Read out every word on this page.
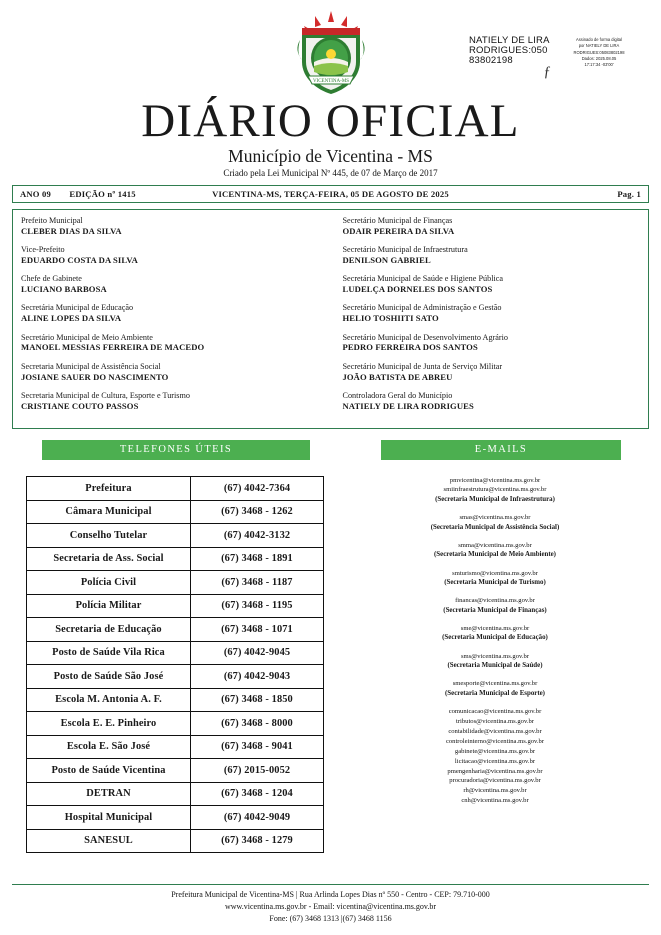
VICENTINA-MS
NATIELY DE LIRA
RODRIGUES:050
83802198
Assinado de forma digital
por NATIELY DE LIRA
RODRIGUES:05083802198
Dados: 2025.08.05
17:17:34 -03'00'
ƒ
DIÁRIO OFICIAL
Município de Vicentina - MS
Criado pela Lei Municipal Nº 445, de 07 de Março de 2017
ANO 09 EDIÇÃO nº 1415	VICENTINA-MS, TERÇA-FEIRA, 05 DE AGOSTO DE 2025	Pag. 1
Prefeito Municipal
CLEBER DIAS DA SILVA
Vice-Prefeito
EDUARDO COSTA DA SILVA
Chefe de Gabinete
LUCIANO BARBOSA
Secretária Municipal de Educação
ALINE LOPES DA SILVA
Secretário Municipal de Meio Ambiente
MANOEL MESSIAS FERREIRA DE MACEDO
Secretaria Municipal de Assistência Social
JOSIANE SAUER DO NASCIMENTO
Secretaria Municipal de Cultura, Esporte e Turismo
CRISTIANE COUTO PASSOS
Secretário Municipal de Finanças
ODAIR PEREIRA DA SILVA
Secretário Municipal de Infraestrutura
DENILSON GABRIEL
Secretária Municipal de Saúde e Higiene Pública
LUDELÇA DORNELES DOS SANTOS
Secretário Municipal de Administração e Gestão
HELIO TOSHIITI SATO
Secretário Municipal de Desenvolvimento Agrário
PEDRO FERREIRA DOS SANTOS
Secretário Municipal de Junta de Serviço Militar
JOÃO BATISTA DE ABREU
Controladora Geral do Município
NATIELY DE LIRA RODRIGUES
TELEFONES ÚTEIS	E-MAILS
Prefeitura	(67) 4042-7364
Câmara Municipal	(67) 3468 - 1262
Conselho Tutelar	(67) 4042-3132
Secretaria de Ass. Social	(67) 3468 - 1891
Polícia Civil	(67) 3468 - 1187
Polícia Militar	(67) 3468 - 1195
Secretaria de Educação	(67) 3468 - 1071
Posto de Saúde Vila Rica	(67) 4042-9045
Posto de Saúde São José	(67) 4042-9043
Escola M. Antonia A. F.	(67) 3468 - 1850
Escola E. E. Pinheiro	(67) 3468 - 8000
Escola E. São José	(67) 3468 - 9041
Posto de Saúde Vicentina	(67) 2015-0052
DETRAN	(67) 3468 - 1204
Hospital Municipal	(67) 4042-9049
SANESUL	(67) 3468 - 1279
pmvicentina@vicentina.ms.gov.br
smiinfraestrutura@vicentina.ms.gov.br
(Secretaria Municipal de Infraestrutura)
smas@vicentina.ms.gov.br
(Secretaria Municipal de Assistência Social)
smma@vicentina.ms.gov.br
(Secretaria Municipal de Meio Ambiente)
smturismo@vicentina.ms.gov.br
(Secretaria Municipal de Turismo)
financas@vicentina.ms.gov.br
(Secretaria Municipal de Finanças)
sme@vicentina.ms.gov.br
(Secretaria Municipal de Educação)
sms@vicentina.ms.gov.br
(Secretaria Municipal de Saúde)
smesporte@vicentina.ms.gov.br
(Secretaria Municipal de Esporte)
comunicacao@vicentina.ms.gov.br
tributos@vicentina.ms.gov.br
contabilidade@vicentina.ms.gov.br
controleinterno@vicentina.ms.gov.br
gabinete@vicentina.ms.gov.br
licitacao@vicentina.ms.gov.br
pmengenharia@vicentina.ms.gov.br
procuradoria@vicentina.ms.gov.br
rh@vicentina.ms.gov.br
cnh@vicentina.ms.gov.br
Prefeitura Municipal de Vicentina-MS | Rua Arlinda Lopes Dias nº 550 - Centro - CEP: 79.710-000
www.vicentina.ms.gov.br - Email: vicentina@vicentina.ms.gov.br
Fone: (67) 3468 1313 |(67) 3468 1156
